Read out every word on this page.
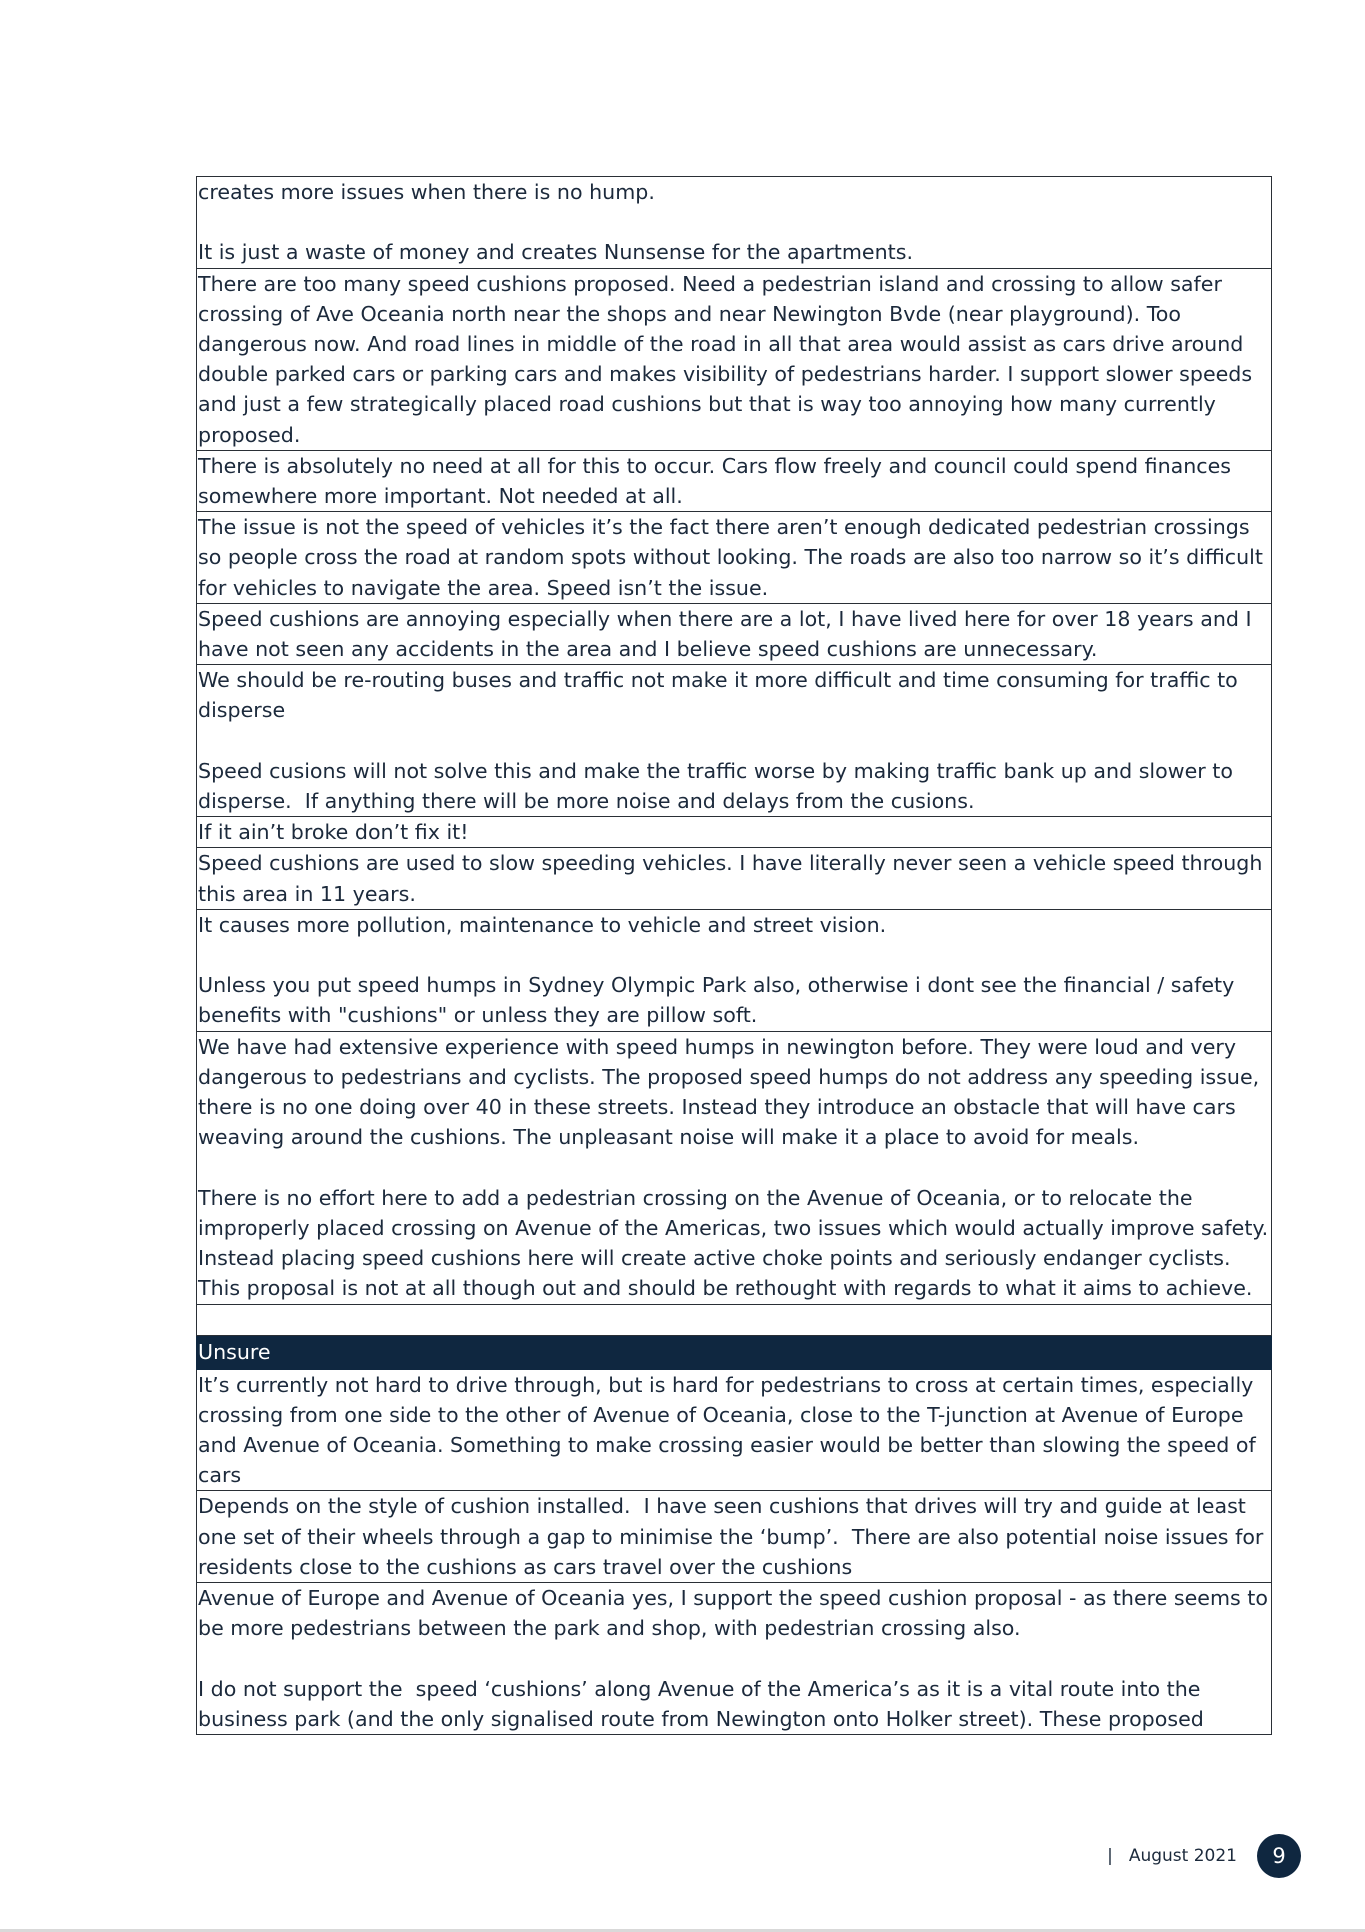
creates more issues when there is no hump.

It is just a waste of money and creates Nunsense for the apartments.
There are too many speed cushions proposed. Need a pedestrian island and crossing to allow safer crossing of Ave Oceania north near the shops and near Newington Bvde (near playground). Too dangerous now. And road lines in middle of the road in all that area would assist as cars drive around double parked cars or parking cars and makes visibility of pedestrians harder. I support slower speeds and just a few strategically placed road cushions but that is way too annoying how many currently proposed.
There is absolutely no need at all for this to occur. Cars flow freely and council could spend finances somewhere more important. Not needed at all.
The issue is not the speed of vehicles it’s the fact there aren’t enough dedicated pedestrian crossings so people cross the road at random spots without looking. The roads are also too narrow so it’s difficult for vehicles to navigate the area. Speed isn’t the issue.
Speed cushions are annoying especially when there are a lot, I have lived here for over 18 years and I have not seen any accidents in the area and I believe speed cushions are unnecessary.
We should be re-routing buses and traffic not make it more difficult and time consuming for traffic to disperse

Speed cusions will not solve this and make the traffic worse by making traffic bank up and slower to disperse.  If anything there will be more noise and delays from the cusions.
If it ain’t broke don’t fix it!
Speed cushions are used to slow speeding vehicles. I have literally never seen a vehicle speed through this area in 11 years.
It causes more pollution, maintenance to vehicle and street vision.

Unless you put speed humps in Sydney Olympic Park also, otherwise i dont see the financial / safety benefits with "cushions" or unless they are pillow soft.
We have had extensive experience with speed humps in newington before. They were loud and very dangerous to pedestrians and cyclists. The proposed speed humps do not address any speeding issue, there is no one doing over 40 in these streets. Instead they introduce an obstacle that will have cars weaving around the cushions. The unpleasant noise will make it a place to avoid for meals.

There is no effort here to add a pedestrian crossing on the Avenue of Oceania, or to relocate the improperly placed crossing on Avenue of the Americas, two issues which would actually improve safety. Instead placing speed cushions here will create active choke points and seriously endanger cyclists. This proposal is not at all though out and should be rethought with regards to what it aims to achieve.

Unsure
It’s currently not hard to drive through, but is hard for pedestrians to cross at certain times, especially crossing from one side to the other of Avenue of Oceania, close to the T-junction at Avenue of Europe and Avenue of Oceania. Something to make crossing easier would be better than slowing the speed of cars
Depends on the style of cushion installed.  I have seen cushions that drives will try and guide at least one set of their wheels through a gap to minimise the ‘bump’.  There are also potential noise issues for residents close to the cushions as cars travel over the cushions
Avenue of Europe and Avenue of Oceania yes, I support the speed cushion proposal - as there seems to be more pedestrians between the park and shop, with pedestrian crossing also.

I do not support the  speed ‘cushions’ along Avenue of the America’s as it is a vital route into the business park (and the only signalised route from Newington onto Holker street). These proposed
| August 2021	9
